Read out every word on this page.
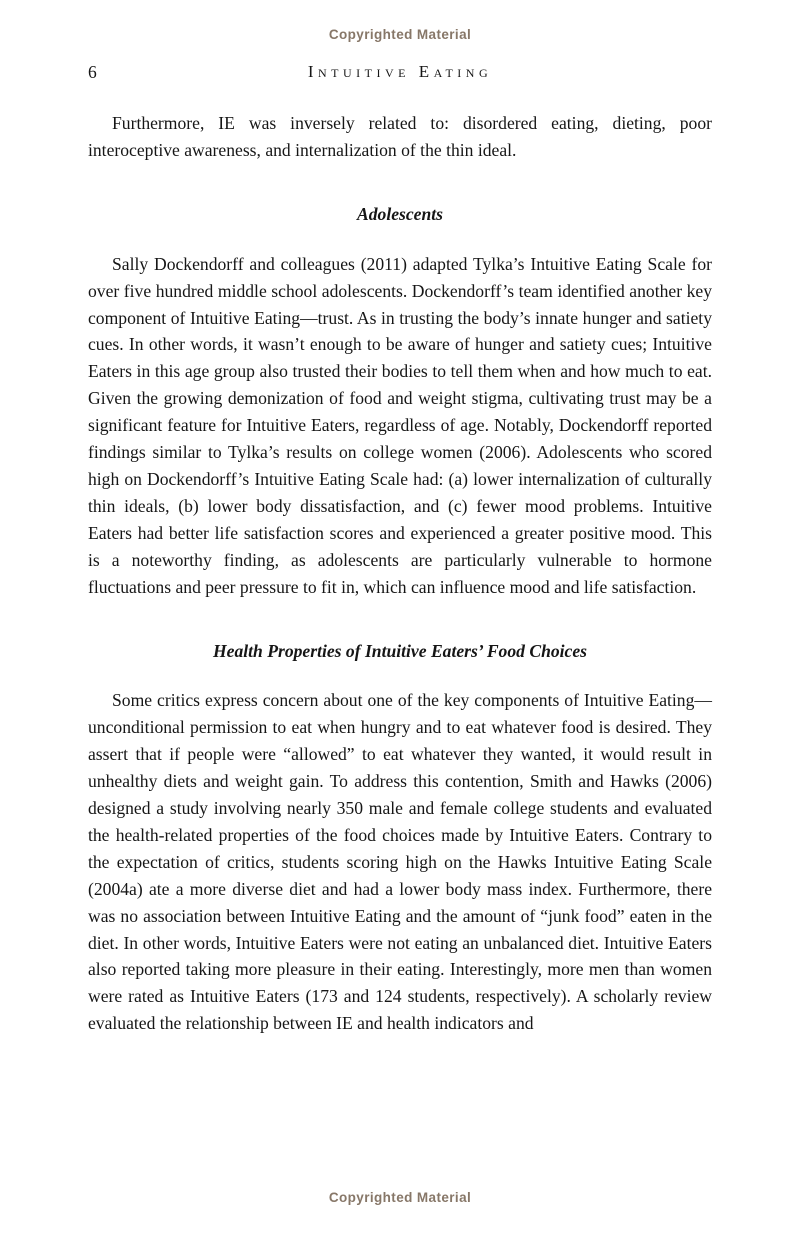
Copyrighted Material
6	Intuitive Eating

Furthermore, IE was inversely related to: disordered eating, dieting, poor interoceptive awareness, and internalization of the thin ideal.

Adolescents

Sally Dockendorff and colleagues (2011) adapted Tylka’s Intuitive Eating Scale for over five hundred middle school adolescents. Dockendorff’s team identified another key component of Intuitive Eating—trust. As in trusting the body’s innate hunger and satiety cues. In other words, it wasn’t enough to be aware of hunger and satiety cues; Intuitive Eaters in this age group also trusted their bodies to tell them when and how much to eat. Given the growing demonization of food and weight stigma, cultivating trust may be a significant feature for Intuitive Eaters, regardless of age. Notably, Dockendorff reported findings similar to Tylka’s results on college women (2006). Adolescents who scored high on Dockendorff’s Intuitive Eating Scale had: (a) lower internalization of culturally thin ideals, (b) lower body dissatisfaction, and (c) fewer mood problems. Intuitive Eaters had better life satisfaction scores and experienced a greater positive mood. This is a noteworthy finding, as adolescents are particularly vulnerable to hormone fluctuations and peer pressure to fit in, which can influence mood and life satisfaction.

Health Properties of Intuitive Eaters’ Food Choices

Some critics express concern about one of the key components of Intuitive Eating—unconditional permission to eat when hungry and to eat whatever food is desired. They assert that if people were “allowed” to eat whatever they wanted, it would result in unhealthy diets and weight gain. To address this contention, Smith and Hawks (2006) designed a study involving nearly 350 male and female college students and evaluated the health-related properties of the food choices made by Intuitive Eaters. Contrary to the expectation of critics, students scoring high on the Hawks Intuitive Eating Scale (2004a) ate a more diverse diet and had a lower body mass index. Furthermore, there was no association between Intuitive Eating and the amount of “junk food” eaten in the diet. In other words, Intuitive Eaters were not eating an unbalanced diet. Intuitive Eaters also reported taking more pleasure in their eating. Interestingly, more men than women were rated as Intuitive Eaters (173 and 124 students, respectively). A scholarly review evaluated the relationship between IE and health indicators and

Copyrighted Material
